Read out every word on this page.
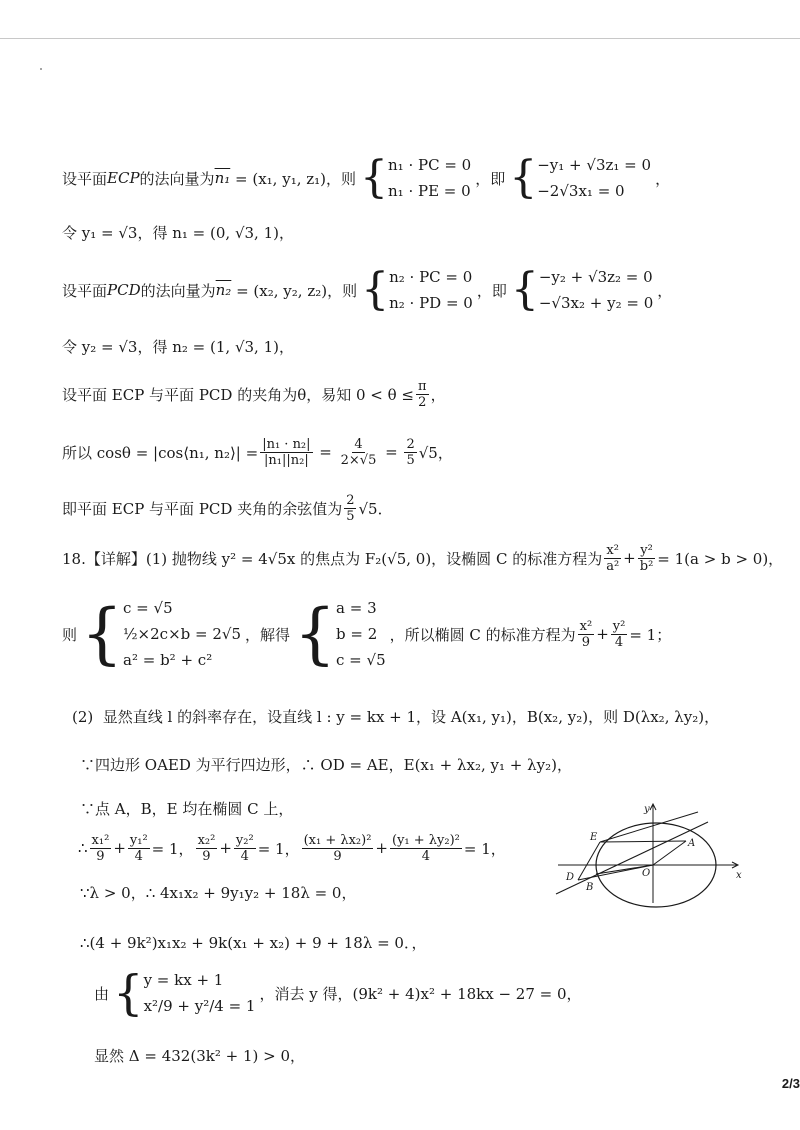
设平面 ECP 的法向量为 n₁ = (x₁, y₁, z₁)，则 { n₁ · PC = 0
n₁ · PE = 0
，即 { −y₁ + √3z₁ = 0
−2√3x₁ = 0
，
令 y₁ = √3，得 n₁ = (0, √3, 1)，
设平面 PCD 的法向量为 n₂ = (x₂, y₂, z₂)，则 { n₂ · PC = 0
n₂ · PD = 0
，即 { −y₂ + √3z₂ = 0
−√3x₂ + y₂ = 0
，
令 y₂ = √3，得 n₂ = (1, √3, 1)，
设平面 ECP 与平面 PCD 的夹角为θ，易知 $0 < \theta \le \frac{\pi}{2}$ ，
所以 cosθ = |cos⟨n₁, n₂⟩| = $\frac{\text{|n₁ · n₂|}}{\text{|n₁||n₂|}} = \frac{4}{2\times√5} = \frac{2}{5} √5$，
即平面 ECP 与平面 PCD 夹角的余弦值为 $\frac{2}{5} √5$．
18.【详解】(1) 抛物线 y² = 4√5x 的焦点为 F₂(√5, 0)，设椭圆 C 的标准方程为 $\frac{\text{x²}}{\text{a²}} + \frac{\text{y²}}{\text{b²}} = 1(a > b > 0)$，
则 { c = √5
½×2c×b = 2√5
a² = b² + c²
，解得 { a = 3
b = 2
c = √5
，所以椭圆 C 的标准方程为 $\frac{\text{x²}}{9} + \frac{\text{y²}}{4} = 1$；
(2)  显然直线 l 的斜率存在，设直线 l : y = kx + 1，设 A(x₁, y₁)，B(x₂, y₂)，则 D(λx₂, λy₂)，
∵四边形 OAED 为平行四边形，∴ OD = AE，E(x₁ + λx₂, y₁ + λy₂)，
∵点 A，B，E 均在椭圆 C 上，
∴ $\frac{\text{x₁²}}{9} + \frac{\text{y₁²}}{4} = 1$， $\frac{\text{x₂²}}{9} + \frac{\text{y₂²}}{4} = 1$， $\frac{\text{(x₁ + λx₂)²}}{9} + \frac{\text{(y₁ + λy₂)²}}{4} = 1$，
∵λ > 0，∴ 4x₁x₂ + 9y₁y₂ + 18λ = 0，
∴(4 + 9k²)x₁x₂ + 9k(x₁ + x₂) + 9 + 18λ = 0．，
由 { y = kx + 1
x²/9 + y²/4 = 1
，消去 y 得，(9k² + 4)x² + 18kx − 27 = 0，
显然 Δ = 432(3k² + 1) > 0，
y
x
E
A
D
B
O
2/3
